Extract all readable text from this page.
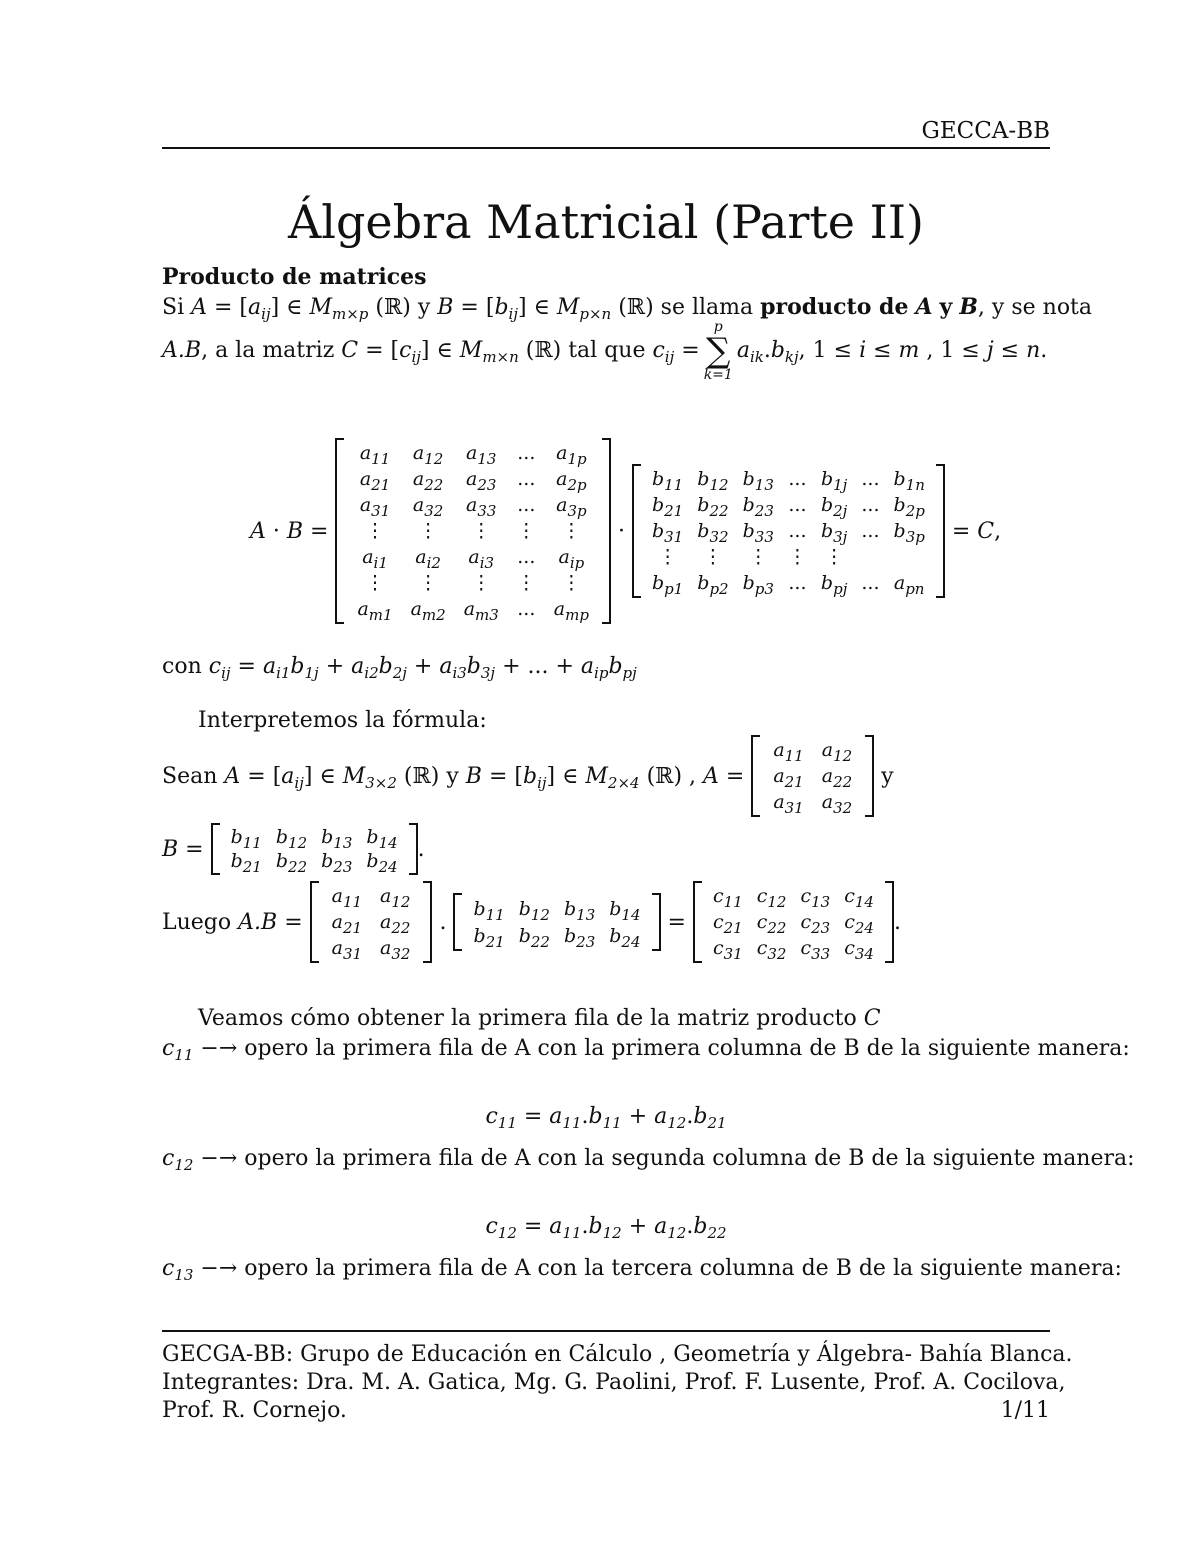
GECCA-BB
Álgebra Matricial (Parte II)
Producto de matrices
Si $A = [a_{ij}]$ ∈ $M_{m\times p}$ (ℝ) y $B = [b_{ij}]$ ∈ $M_{p\times n}$ (ℝ) se llama producto de A y B, y se nota
A.B, a la matriz $C = [c_{ij}]$ ∈ $M_{m\times n}$ (ℝ) tal que $c_{ij}$ =
p
∑
k=1
$a_{ik}.b_{kj}$, 1 ≤ i ≤ m , 1 ≤ j ≤ n.
A · B =
$a_{11}$	$a_{12}$	$a_{13}$	...	$a_{1p}$
$a_{21}$	$a_{22}$	$a_{23}$	...	$a_{2p}$
$a_{31}$	$a_{32}$	$a_{33}$	...	$a_{3p}$
⋮	⋮	⋮	⋮	⋮
$a_{i1}$	$a_{i2}$	$a_{i3}$	...	$a_{ip}$
⋮	⋮	⋮	⋮	⋮
$a_{m1}$	$a_{m2}$	$a_{m3}$	...	$a_{mp}$
·
$b_{11}$	$b_{12}$	$b_{13}$	...	$b_{1j}$	...	$b_{1n}$
$b_{21}$	$b_{22}$	$b_{23}$	...	$b_{2j}$	...	$b_{2p}$
$b_{31}$	$b_{32}$	$b_{33}$	...	$b_{3j}$	...	$b_{3p}$
⋮	⋮	⋮	⋮	⋮		
$b_{p1}$	$b_{p2}$	$b_{p3}$	...	$b_{pj}$	...	$a_{pn}$
= C,
con $c_{ij} = a_{i1}b_{1j} + a_{i2}b_{2j} + a_{i3}b_{3j}$ + ... + $a_{ip}b_{pj}$
Interpretemos la fórmula:
Sean $A = [a_{ij}]$ ∈ $M_{3\times 2}$ (ℝ) y $B = [b_{ij}]$ ∈ $M_{2\times 4}$ (ℝ) , A =
$a_{11}$	$a_{12}$
$a_{21}$	$a_{22}$
$a_{31}$	$a_{32}$
y
$B = b_{11}$	$b_{12}$	$b_{13}$	$b_{14}$
$b_{21}$	$b_{22}$	$b_{23}$	$b_{24}$
.
Luego A.B =
$a_{11}$	$a_{12}$
$a_{21}$	$a_{22}$
$a_{31}$	$a_{32}$
.
$b_{11}$	$b_{12}$	$b_{13}$	$b_{14}$
$b_{21}$	$b_{22}$	$b_{23}$	$b_{24}$
=
$c_{11}$	$c_{12}$	$c_{13}$	$c_{14}$
$c_{21}$	$c_{22}$	$c_{23}$	$c_{24}$
$c_{31}$	$c_{32}$	$c_{33}$	$c_{34}$
.
Veamos cómo obtener la primera fila de la matriz producto C
$c_{11}$ −→ opero la primera fila de A con la primera columna de B de la siguiente manera:
$c_{11} = a_{11}.b_{11} + a_{12}.b_{21}$
$c_{12}$ −→ opero la primera fila de A con la segunda columna de B de la siguiente manera:
$c_{12} = a_{11}.b_{12} + a_{12}.b_{22}$
$c_{13}$ −→ opero la primera fila de A con la tercera columna de B de la siguiente manera:
GECGA-BB: Grupo de Educación en Cálculo , Geometría y Álgebra- Bahía Blanca.
Integrantes: Dra. M. A. Gatica, Mg. G. Paolini, Prof. F. Lusente, Prof. A. Cocilova,
Prof. R. Cornejo.	1/11
